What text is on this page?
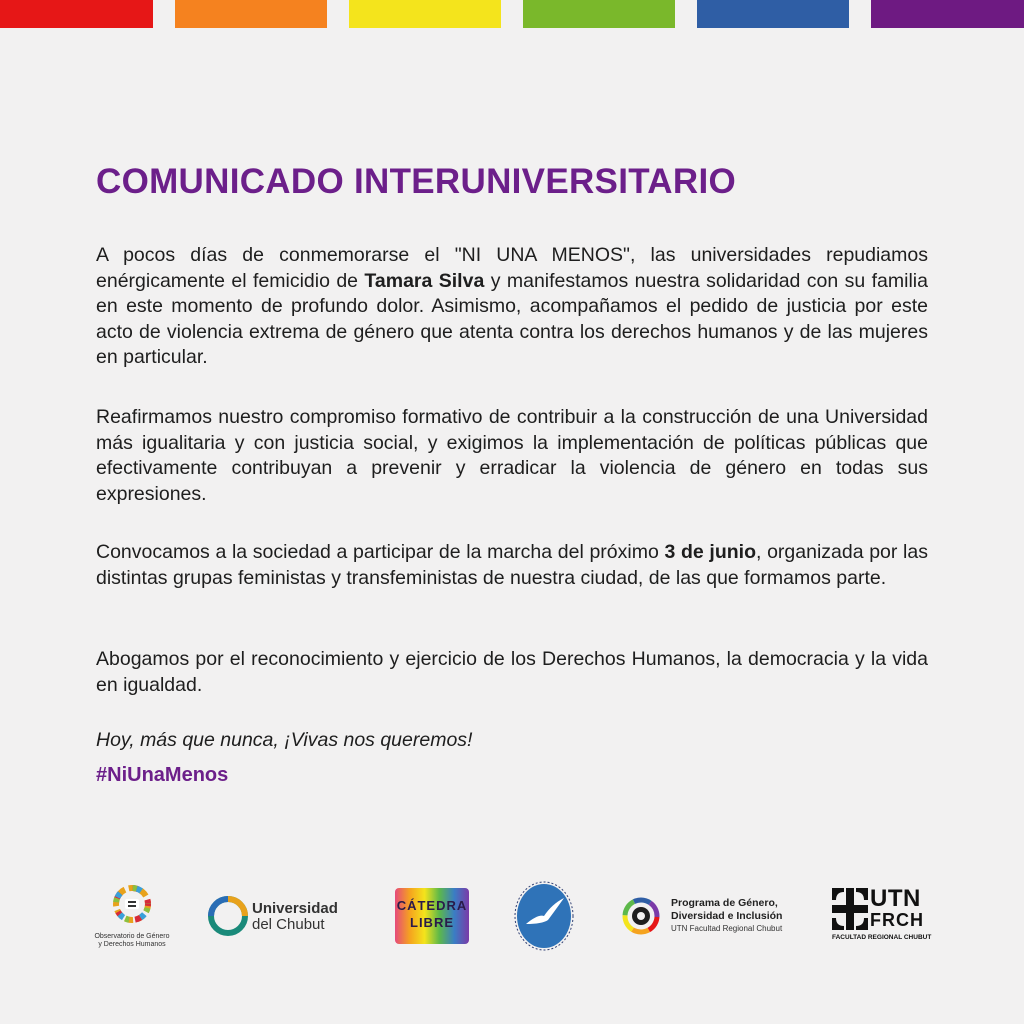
COMUNICADO INTERUNIVERSITARIO

A pocos días de conmemorarse el "NI UNA MENOS", las universidades repudiamos enérgicamente el femicidio de Tamara Silva y manifestamos nuestra solidaridad con su familia en este momento de profundo dolor. Asimismo, acompañamos el pedido de justicia por este acto de violencia extrema de género que atenta contra los derechos humanos y de las mujeres en particular.

Reafirmamos nuestro compromiso formativo de contribuir a la construcción de una Universidad más igualitaria y con justicia social, y exigimos la implementación de políticas públicas que efectivamente contribuyan a prevenir y erradicar la violencia de género en todas sus expresiones.

Convocamos a la sociedad a participar de la marcha del próximo 3 de junio, organizada por las distintas grupas feministas y transfeministas de nuestra ciudad, de las que formamos parte.

Abogamos por el reconocimiento y ejercicio de los Derechos Humanos, la democracia y la vida en igualdad.

Hoy, más que nunca, ¡Vivas nos queremos!

#NiUnaMenos

Observatorio de Género
y Derechos Humanos
Universidad
del Chubut
CÁTEDRA
LIBRE
Programa de Género,
Diversidad e Inclusión
UTN Facultad Regional Chubut
UTN
FRCH
FACULTAD REGIONAL CHUBUT
